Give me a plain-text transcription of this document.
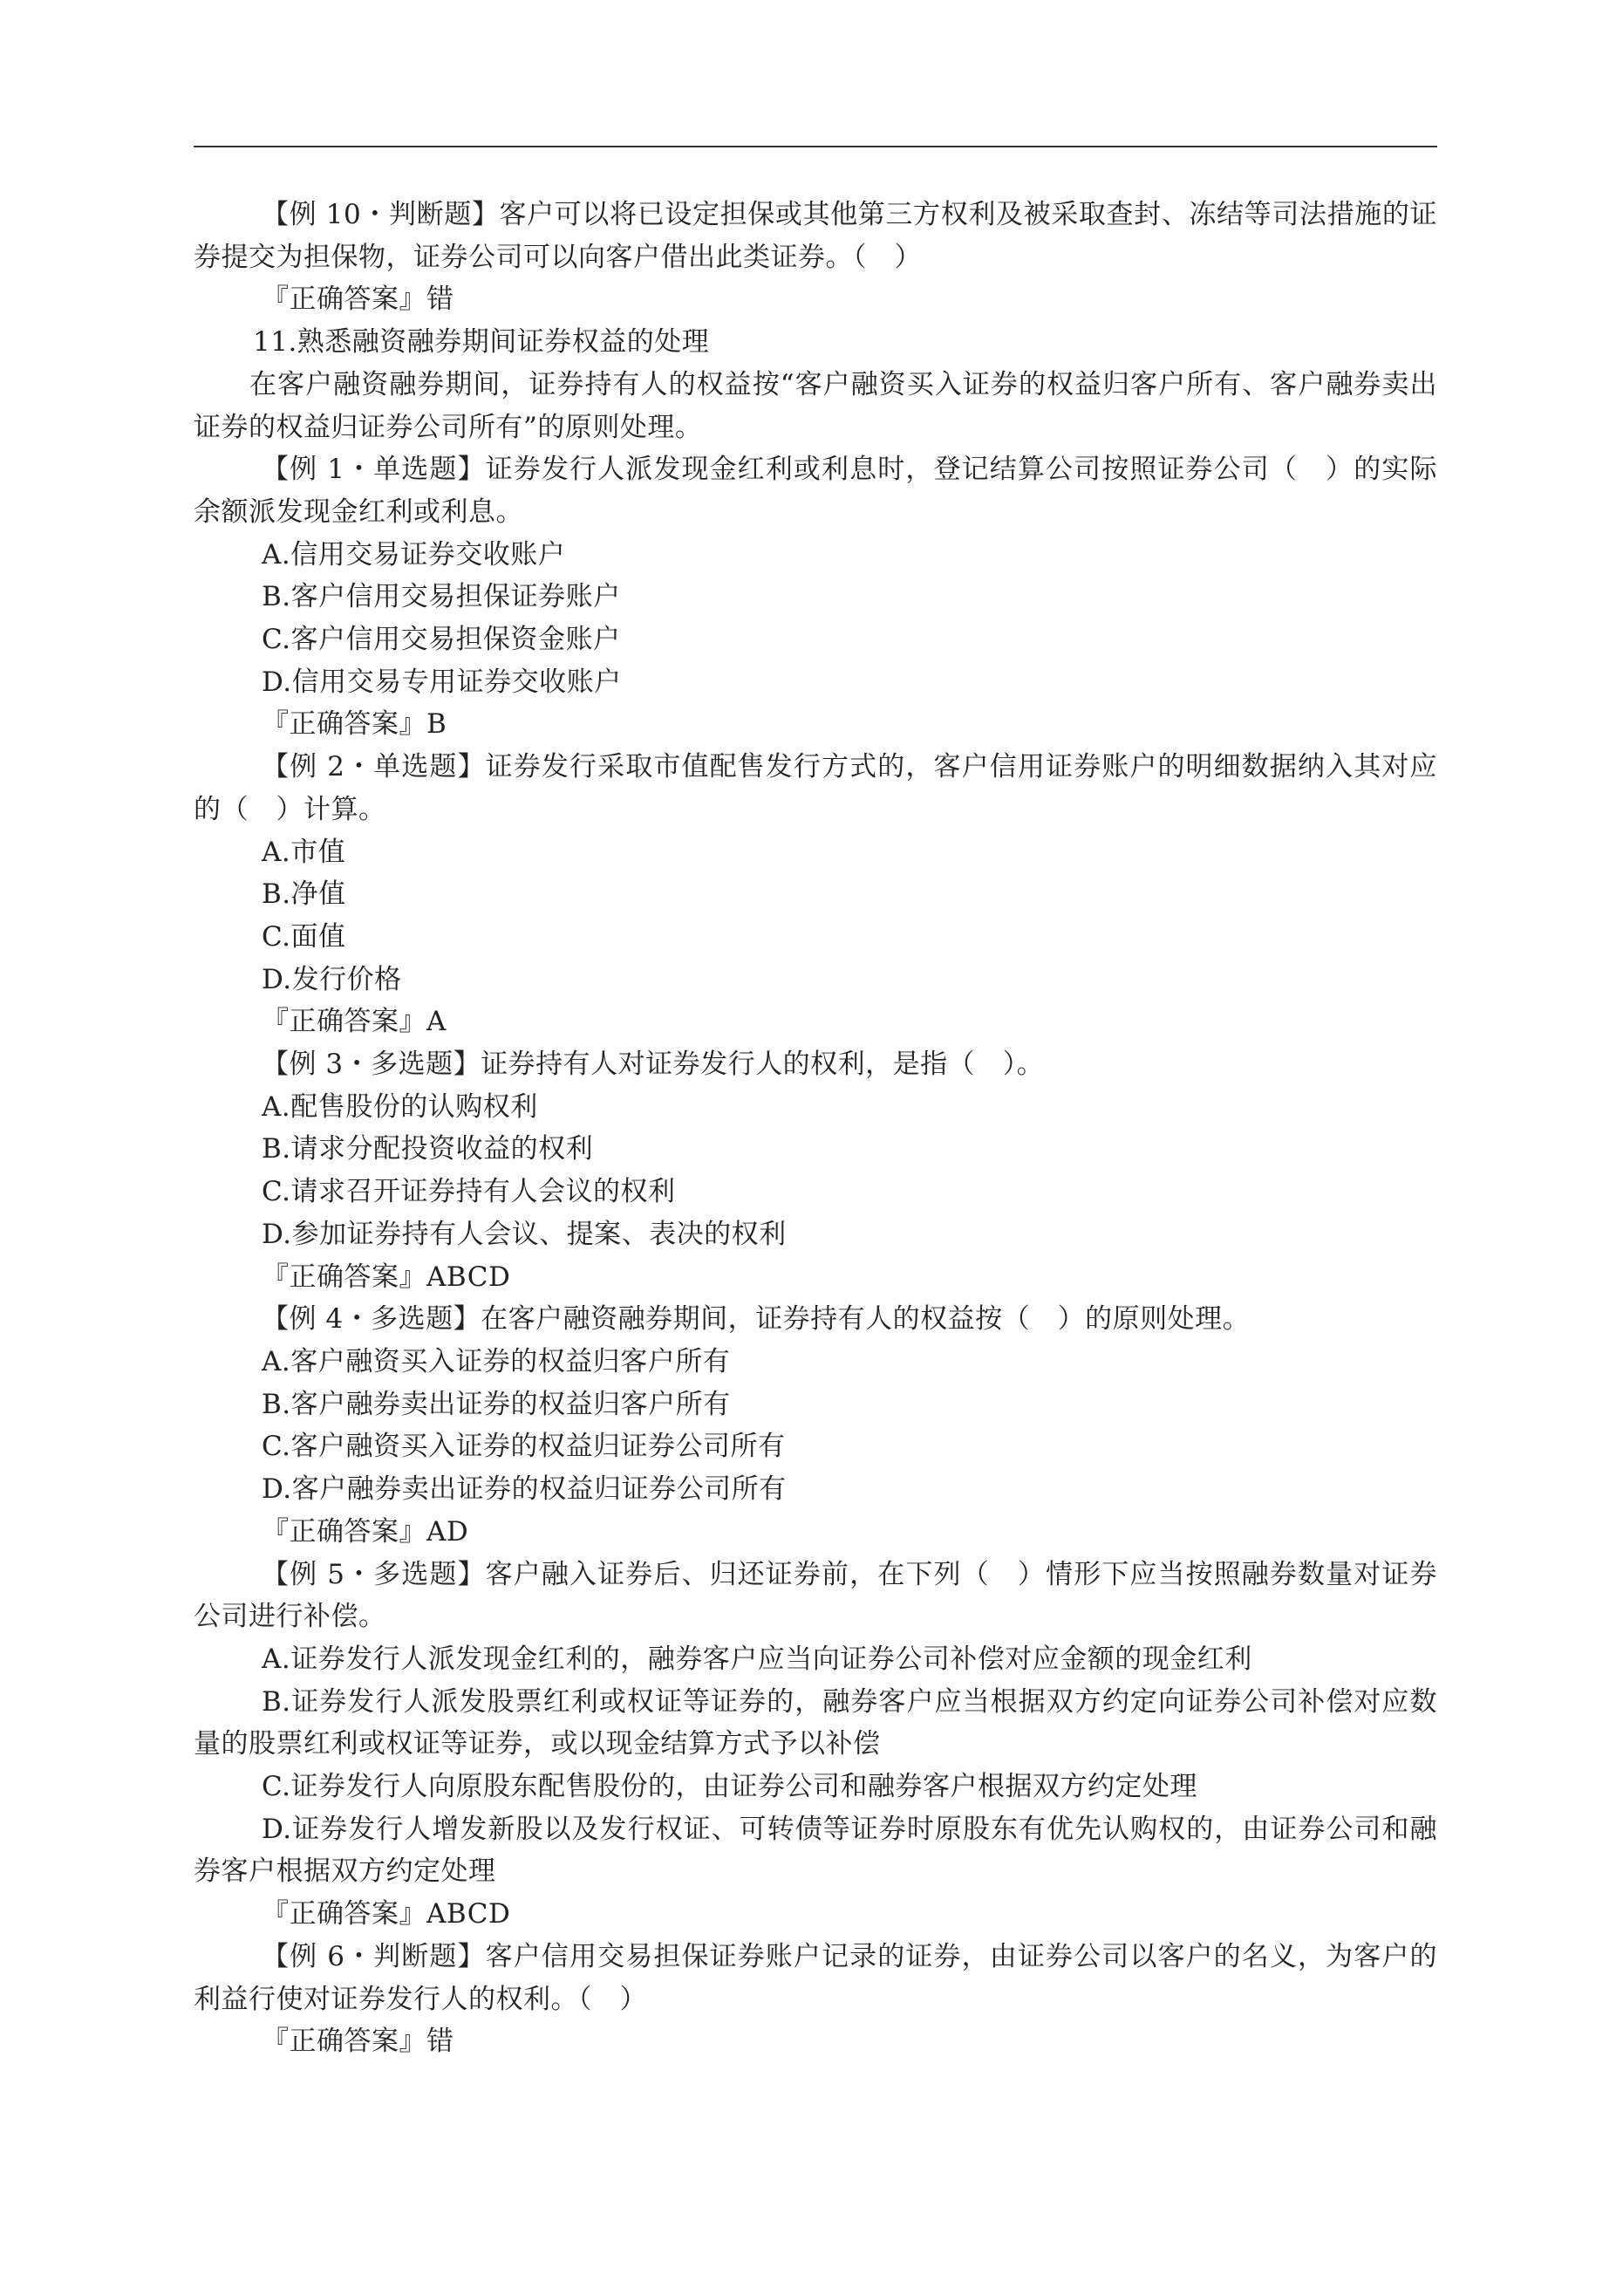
【例 10・判断题】客户可以将已设定担保或其他第三方权利及被采取查封、冻结等司法措施的证券提交为担保物，证券公司可以向客户借出此类证券。（　）

『正确答案』错

11.熟悉融资融券期间证券权益的处理

在客户融资融券期间，证券持有人的权益按“客户融资买入证券的权益归客户所有、客户融券卖出证券的权益归证券公司所有”的原则处理。

【例 1・单选题】证券发行人派发现金红利或利息时，登记结算公司按照证券公司（　）的实际余额派发现金红利或利息。

A.信用交易证券交收账户

B.客户信用交易担保证券账户

C.客户信用交易担保资金账户

D.信用交易专用证券交收账户

『正确答案』B

【例 2・单选题】证券发行采取市值配售发行方式的，客户信用证券账户的明细数据纳入其对应的（　）计算。

A.市值

B.净值

C.面值

D.发行价格

『正确答案』A

【例 3・多选题】证券持有人对证券发行人的权利，是指（　）。

A.配售股份的认购权利

B.请求分配投资收益的权利

C.请求召开证券持有人会议的权利

D.参加证券持有人会议、提案、表决的权利

『正确答案』ABCD

【例 4・多选题】在客户融资融券期间，证券持有人的权益按（　）的原则处理。

A.客户融资买入证券的权益归客户所有

B.客户融券卖出证券的权益归客户所有

C.客户融资买入证券的权益归证券公司所有

D.客户融券卖出证券的权益归证券公司所有

『正确答案』AD

【例 5・多选题】客户融入证券后、归还证券前，在下列（　）情形下应当按照融券数量对证券公司进行补偿。

A.证券发行人派发现金红利的，融券客户应当向证券公司补偿对应金额的现金红利

B.证券发行人派发股票红利或权证等证券的，融券客户应当根据双方约定向证券公司补偿对应数量的股票红利或权证等证券，或以现金结算方式予以补偿

C.证券发行人向原股东配售股份的，由证券公司和融券客户根据双方约定处理

D.证券发行人增发新股以及发行权证、可转债等证券时原股东有优先认购权的，由证券公司和融券客户根据双方约定处理

『正确答案』ABCD

【例 6・判断题】客户信用交易担保证券账户记录的证券，由证券公司以客户的名义，为客户的利益行使对证券发行人的权利。（　）

『正确答案』错
